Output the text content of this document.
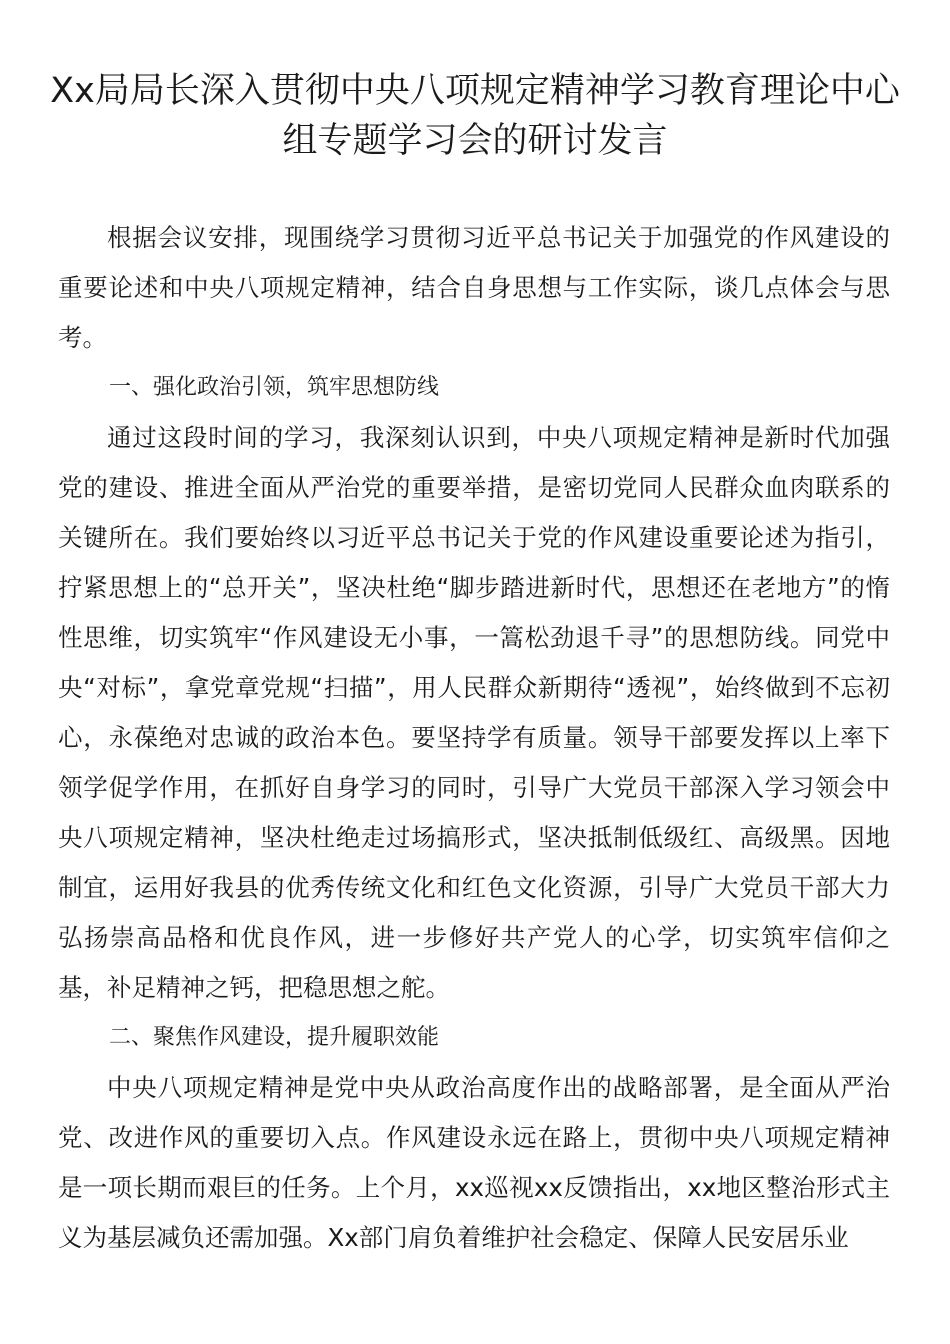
Xx局局长深入贯彻中央八项规定精神学习教育理论中心组专题学习会的研讨发言

根据会议安排，现围绕学习贯彻习近平总书记关于加强党的作风建设的重要论述和中央八项规定精神，结合自身思想与工作实际，谈几点体会与思考。

一、强化政治引领，筑牢思想防线

通过这段时间的学习，我深刻认识到，中央八项规定精神是新时代加强党的建设、推进全面从严治党的重要举措，是密切党同人民群众血肉联系的关键所在。我们要始终以习近平总书记关于党的作风建设重要论述为指引，拧紧思想上的“总开关”，坚决杜绝“脚步踏进新时代，思想还在老地方”的惰性思维，切实筑牢“作风建设无小事，一篙松劲退千寻”的思想防线。同党中央“对标”，拿党章党规“扫描”，用人民群众新期待“透视”，始终做到不忘初心，永葆绝对忠诚的政治本色。要坚持学有质量。领导干部要发挥以上率下领学促学作用，在抓好自身学习的同时，引导广大党员干部深入学习领会中央八项规定精神，坚决杜绝走过场搞形式，坚决抵制低级红、高级黑。因地制宜，运用好我县的优秀传统文化和红色文化资源，引导广大党员干部大力弘扬崇高品格和优良作风，进一步修好共产党人的心学，切实筑牢信仰之基，补足精神之钙，把稳思想之舵。

二、聚焦作风建设，提升履职效能

中央八项规定精神是党中央从政治高度作出的战略部署，是全面从严治党、改进作风的重要切入点。作风建设永远在路上，贯彻中央八项规定精神是一项长期而艰巨的任务。上个月，xx巡视xx反馈指出，xx地区整治形式主义为基层减负还需加强。Xx部门肩负着维护社会稳定、保障人民安居乐业
